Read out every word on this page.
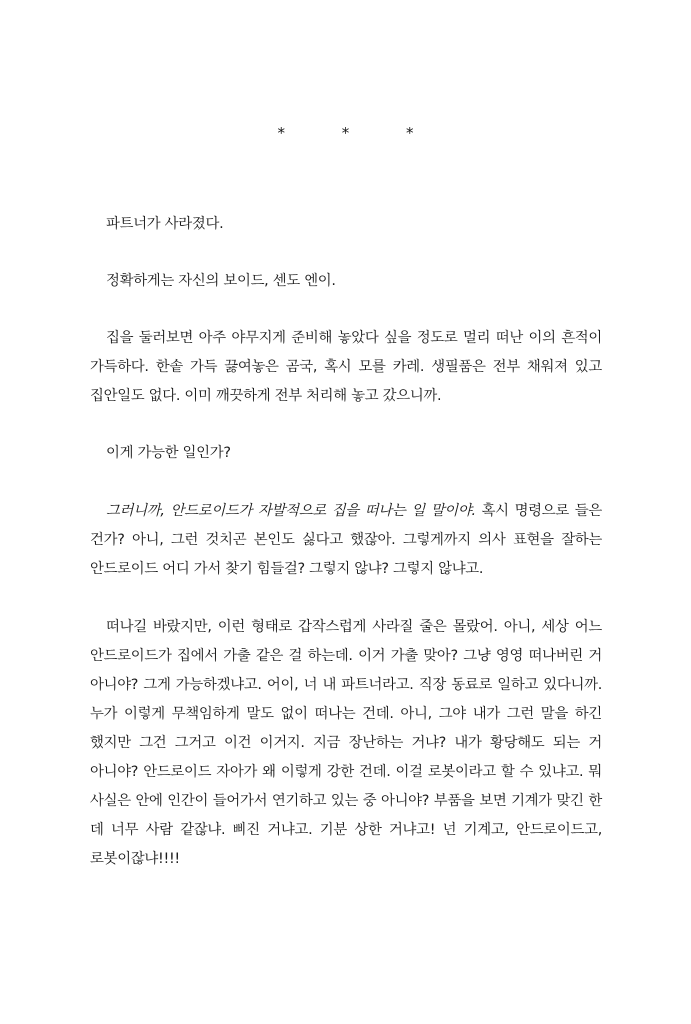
* * *

파트너가 사라졌다.

정확하게는 자신의 보이드, 센도 엔이.

집을 둘러보면 아주 야무지게 준비해 놓았다 싶을 정도로 멀리 떠난 이의 흔적이 가득하다. 한솥 가득 끓여놓은 곰국, 혹시 모를 카레. 생필품은 전부 채워져 있고 집안일도 없다. 이미 깨끗하게 전부 처리해 놓고 갔으니까.

이게 가능한 일인가?

그러니까, 안드로이드가 자발적으로 집을 떠나는 일 말이야. 혹시 명령으로 들은 건가? 아니, 그런 것치곤 본인도 싫다고 했잖아. 그렇게까지 의사 표현을 잘하는 안드로이드 어디 가서 찾기 힘들걸? 그렇지 않냐? 그렇지 않냐고.

떠나길 바랐지만, 이런 형태로 갑작스럽게 사라질 줄은 몰랐어. 아니, 세상 어느 안드로이드가 집에서 가출 같은 걸 하는데. 이거 가출 맞아? 그냥 영영 떠나버린 거 아니야? 그게 가능하겠냐고. 어이, 너 내 파트너라고. 직장 동료로 일하고 있다니까. 누가 이렇게 무책임하게 말도 없이 떠나는 건데. 아니, 그야 내가 그런 말을 하긴 했지만 그건 그거고 이건 이거지. 지금 장난하는 거냐? 내가 황당해도 되는 거 아니야? 안드로이드 자아가 왜 이렇게 강한 건데. 이걸 로봇이라고 할 수 있냐고. 뭐 사실은 안에 인간이 들어가서 연기하고 있는 중 아니야? 부품을 보면 기계가 맞긴 한 데 너무 사람 같잖냐. 삐진 거냐고. 기분 상한 거냐고! 넌 기계고, 안드로이드고, 로봇이잖냐!!!!
